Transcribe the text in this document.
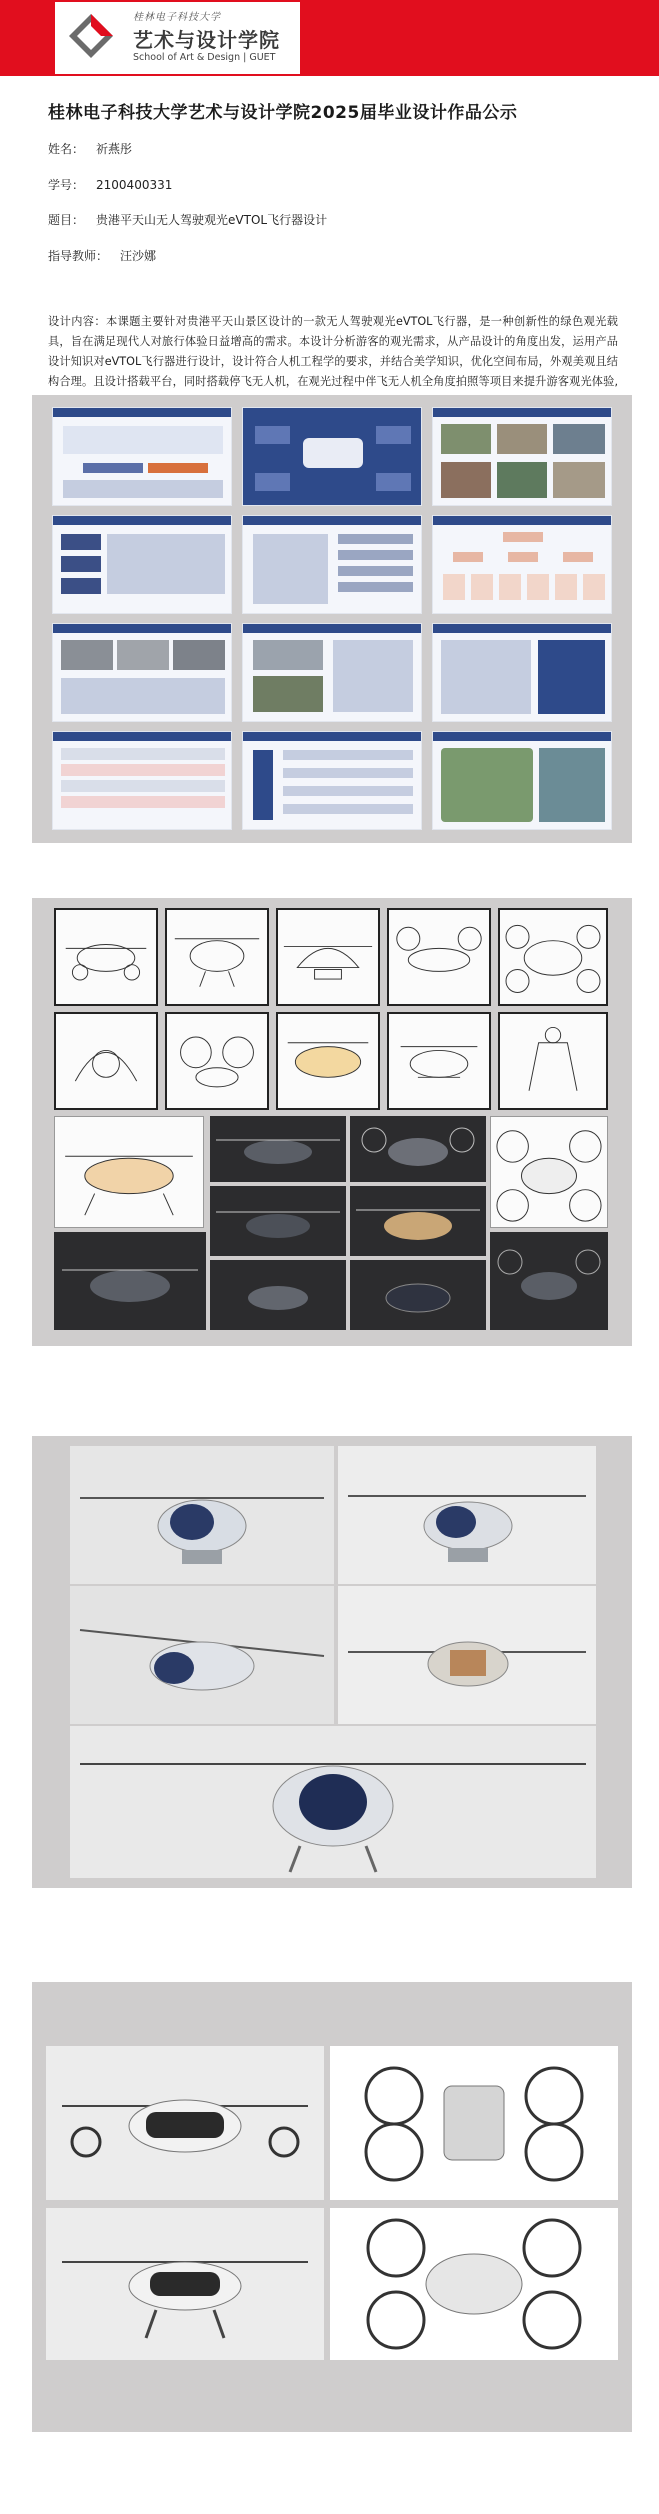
桂林电子科技大学
艺术与设计学院
School of Art & Design | GUET
桂林电子科技大学艺术与设计学院2025届毕业设计作品公示
姓名： 祈燕彤
学号： 2100400331
题目： 贵港平天山无人驾驶观光eVTOL飞行器设计
指导教师： 汪沙娜
设计内容：本课题主要针对贵港平天山景区设计的一款无人驾驶观光eVTOL飞行器，是一种创新性的绿色观光载具，旨在满足现代人对旅行体验日益增高的需求。本设计分析游客的观光需求，从产品设计的角度出发，运用产品设计知识对eVTOL飞行器进行设计，设计符合人机工程学的要求，并结合美学知识，优化空间布局，外观美观且结构合理。且设计搭载平台，同时搭载停飞无人机，在观光过程中伴飞无人机全角度拍照等项目来提升游客观光体验,
